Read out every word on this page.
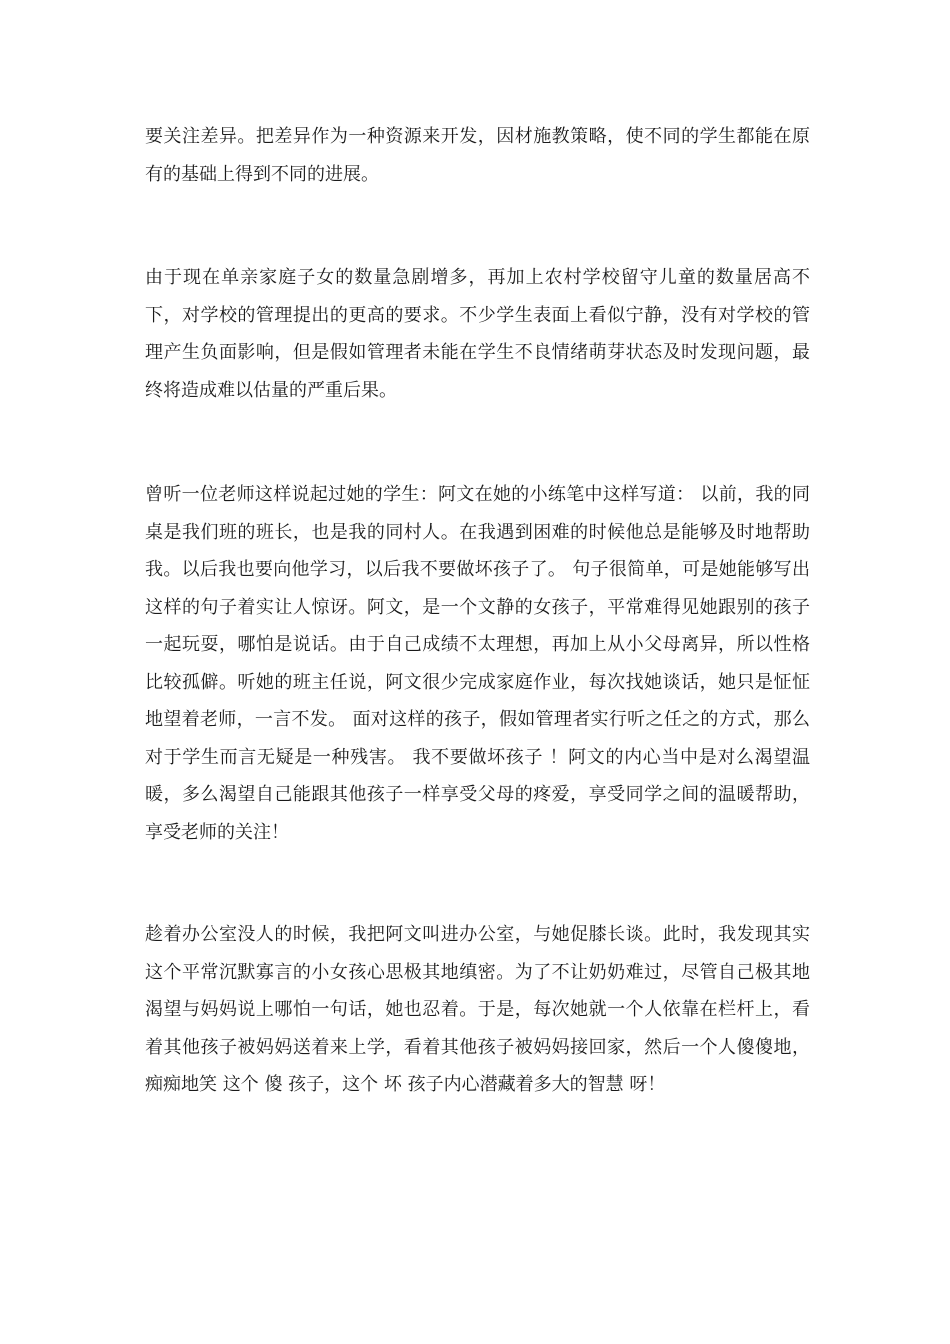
要关注差异。把差异作为一种资源来开发，因材施教策略，使不同的学生都能在原有的基础上得到不同的进展。

由于现在单亲家庭子女的数量急剧增多，再加上农村学校留守儿童的数量居高不下，对学校的管理提出的更高的要求。不少学生表面上看似宁静，没有对学校的管理产生负面影响，但是假如管理者未能在学生不良情绪萌芽状态及时发现问题，最终将造成难以估量的严重后果。

曾听一位老师这样说起过她的学生：阿文在她的小练笔中这样写道： 以前，我的同桌是我们班的班长，也是我的同村人。在我遇到困难的时候他总是能够及时地帮助我。以后我也要向他学习，以后我不要做坏孩子了。 句子很简单，可是她能够写出这样的句子着实让人惊讶。阿文，是一个文静的女孩子，平常难得见她跟别的孩子一起玩耍，哪怕是说话。由于自己成绩不太理想，再加上从小父母离异，所以性格比较孤僻。听她的班主任说，阿文很少完成家庭作业，每次找她谈话，她只是怔怔地望着老师，一言不发。 面对这样的孩子，假如管理者实行听之任之的方式，那么对于学生而言无疑是一种残害。 我不要做坏孩子 ！阿文的内心当中是对么渴望温暖，多么渴望自己能跟其他孩子一样享受父母的疼爱，享受同学之间的温暖帮助，享受老师的关注！

趁着办公室没人的时候，我把阿文叫进办公室，与她促膝长谈。此时，我发现其实这个平常沉默寡言的小女孩心思极其地缜密。为了不让奶奶难过，尽管自己极其地渴望与妈妈说上哪怕一句话，她也忍着。于是，每次她就一个人依靠在栏杆上，看着其他孩子被妈妈送着来上学，看着其他孩子被妈妈接回家，然后一个人傻傻地，痴痴地笑 这个 傻 孩子，这个 坏 孩子内心潜藏着多大的智慧 呀！
